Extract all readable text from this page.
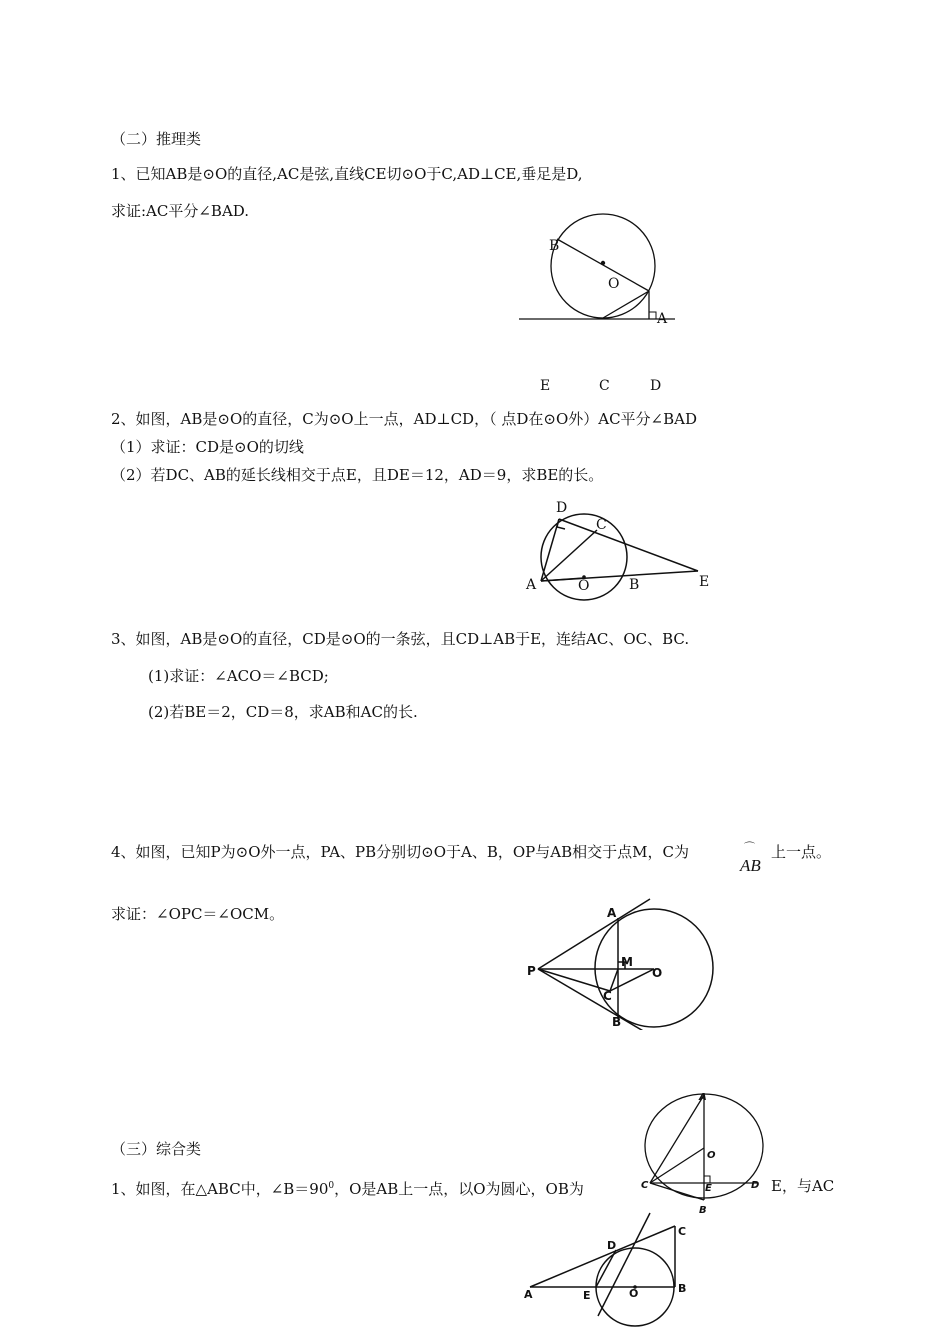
（二）推理类
1、已知AB是⊙O的直径,AC是弦,直线CE切⊙O于C,AD⊥CE,垂足是D,
求证:AC平分∠BAD.
B
O
A
E	C	D
2、如图，AB是⊙O的直径，C为⊙O上一点，AD⊥CD，（ 点D在⊙O外）AC平分∠BAD
（1）求证：CD是⊙O的切线
（2）若DC、AB的延长线相交于点E，且DE＝12，AD＝9，求BE的长。
D
C
A	O	B	E
3、如图，AB是⊙O的直径，CD是⊙O的一条弦，且CD⊥AB于E，连结AC、OC、BC.
(1)求证：∠ACO＝∠BCD;
(2)若BE＝2，CD＝8，求AB和AC的长.
4、如图，已知P为⊙O外一点，PA、PB分别切⊙O于A、B，OP与AB相交于点M，C为	⌒
AB
上一点。
求证：∠OPC＝∠OCM。	A
P
M
O
C
B
A
O
C	E	D
B
（三）综合类
1、如图，在△ABC中，$\angle B=90^0$，O是AB上一点，以O为圆心，OB为	E，与AC
C
D
A	E	O	B
